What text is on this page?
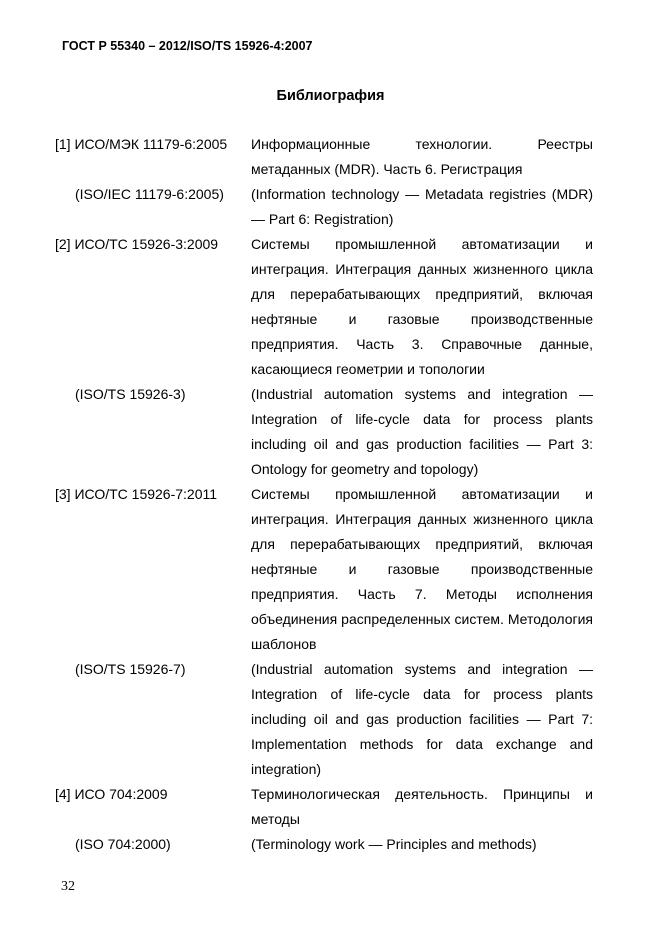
ГОСТ Р 55340 – 2012/ISO/TS 15926-4:2007
Библиография
[1] ИСО/МЭК 11179-6:2005	Информационные технологии. Реестры метаданных (MDR). Часть 6. Регистрация
(ISO/IEC 11179-6:2005)	(Information technology — Metadata registries (MDR) — Part 6: Registration)
[2] ИСО/ТС 15926-3:2009	Системы промышленной автоматизации и интеграция. Интеграция данных жизненного цикла для перерабатывающих предприятий, включая нефтяные и газовые производственные предприятия. Часть 3. Справочные данные, касающиеся геометрии и топологии
(ISO/TS 15926-3)	(Industrial automation systems and integration — Integration of life-cycle data for process plants including oil and gas production facilities — Part 3: Ontology for geometry and topology)
[3] ИСО/ТС 15926-7:2011	Системы промышленной автоматизации и интеграция. Интеграция данных жизненного цикла для перерабатывающих предприятий, включая нефтяные и газовые производственные предприятия. Часть 7. Методы исполнения объединения распределенных систем. Методология шаблонов
(ISO/TS 15926-7)	(Industrial automation systems and integration — Integration of life-cycle data for process plants including oil and gas production facilities — Part 7: Implementation methods for data exchange and integration)
[4] ИСО 704:2009	Терминологическая деятельность. Принципы и методы
(ISO 704:2000)	(Terminology work — Principles and methods)
32
